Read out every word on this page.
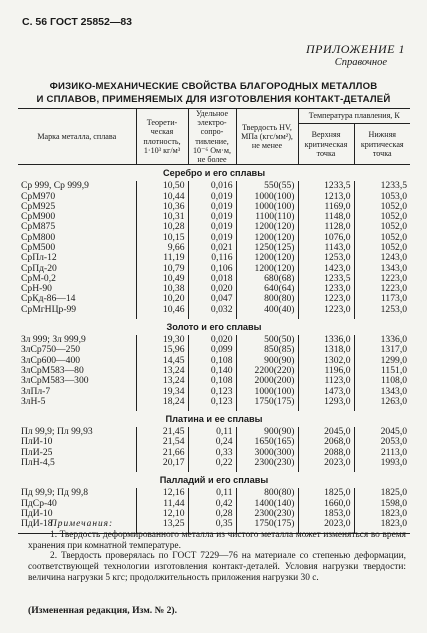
С. 56 ГОСТ 25852—83
ПРИЛОЖЕНИЕ 1
Справочное
ФИЗИКО-МЕХАНИЧЕСКИЕ СВОЙСТВА БЛАГОРОДНЫХ МЕТАЛЛОВ
И СПЛАВОВ, ПРИМЕНЯЕМЫХ ДЛЯ ИЗГОТОВЛЕНИЯ КОНТАКТ-ДЕТАЛЕЙ
Марка металла, сплава	Теорети-ческая плотность, 1·10³ кг/м³	Удельное электро-сопро-тивление, 10⁻⁶ Ом·м, не более	Твердость HV, МПа (кгс/мм²), не менее	Температура плавления, К	
				Верхняя критическая точка	Нижняя критическая точка
Серебро и его сплавы					
Ср 999, Ср 999,9	10,50	0,016	550(55)	1233,5	1233,5
СрМ970	10,44	0,019	1000(100)	1213,0	1053,0
СрМ925	10,36	0,019	1000(100)	1169,0	1052,0
СрМ900	10,31	0,019	1100(110)	1148,0	1052,0
СрМ875	10,28	0,019	1200(120)	1128,0	1052,0
СрМ800	10,15	0,019	1200(120)	1076,0	1052,0
СрМ500	9,66	0,021	1250(125)	1143,0	1052,0
СрПл-12	11,19	0,116	1200(120)	1253,0	1243,0
СрПд-20	10,79	0,106	1200(120)	1423,0	1343,0
СрМ-0,2	10,49	0,018	680(68)	1233,5	1223,0
СрН-90	10,38	0,020	640(64)	1233,0	1223,0
СрКд-86—14	10,20	0,047	800(80)	1223,0	1173,0
СрМгНЦр-99	10,46	0,032	400(40)	1223,0	1253,0

Золото и его сплавы					
Зл 999; Зл 999,9	19,30	0,020	500(50)	1336,0	1336,0
ЗлСр750—250	15,96	0,099	850(85)	1318,0	1317,0
ЗлСр600—400	14,45	0,108	900(90)	1302,0	1299,0
ЗлСрМ583—80	13,24	0,140	2200(220)	1196,0	1151,0
ЗлСрМ583—300	13,24	0,108	2000(200)	1123,0	1108,0
ЗлПл-7	19,34	0,123	1000(100)	1473,0	1343,0
ЗлН-5	18,24	0,123	1750(175)	1293,0	1263,0

Платина и ее сплавы					
Пл 99,9; Пл 99,93	21,45	0,11	900(90)	2045,0	2045,0
ПлИ-10	21,54	0,24	1650(165)	2068,0	2053,0
ПлИ-25	21,66	0,33	3000(300)	2088,0	2113,0
ПлН-4,5	20,17	0,22	2300(230)	2023,0	1993,0

Палладий и его сплавы					
Пд 99,9; Пд 99,8	12,16	0,11	800(80)	1825,0	1825,0
ПдСр-40	11,44	0,42	1400(140)	1660,0	1598,0
ПдИ-10	12,10	0,28	2300(230)	1853,0	1823,0
ПдИ-18	13,25	0,35	1750(175)	2023,0	1823,0

Примечания:

1. Твердость деформированного металла из чистого металла может изменяться во время хранения при комнатной температуре.

2. Твердость проверялась по ГОСТ 7229—76 на материале со степенью деформации, соответствующей технологии изготовления контакт-деталей. Условия нагрузки твердости: величина нагрузки 5 кгс; продолжительность приложения нагрузки 30 с.

(Измененная редакция, Изм. № 2).
